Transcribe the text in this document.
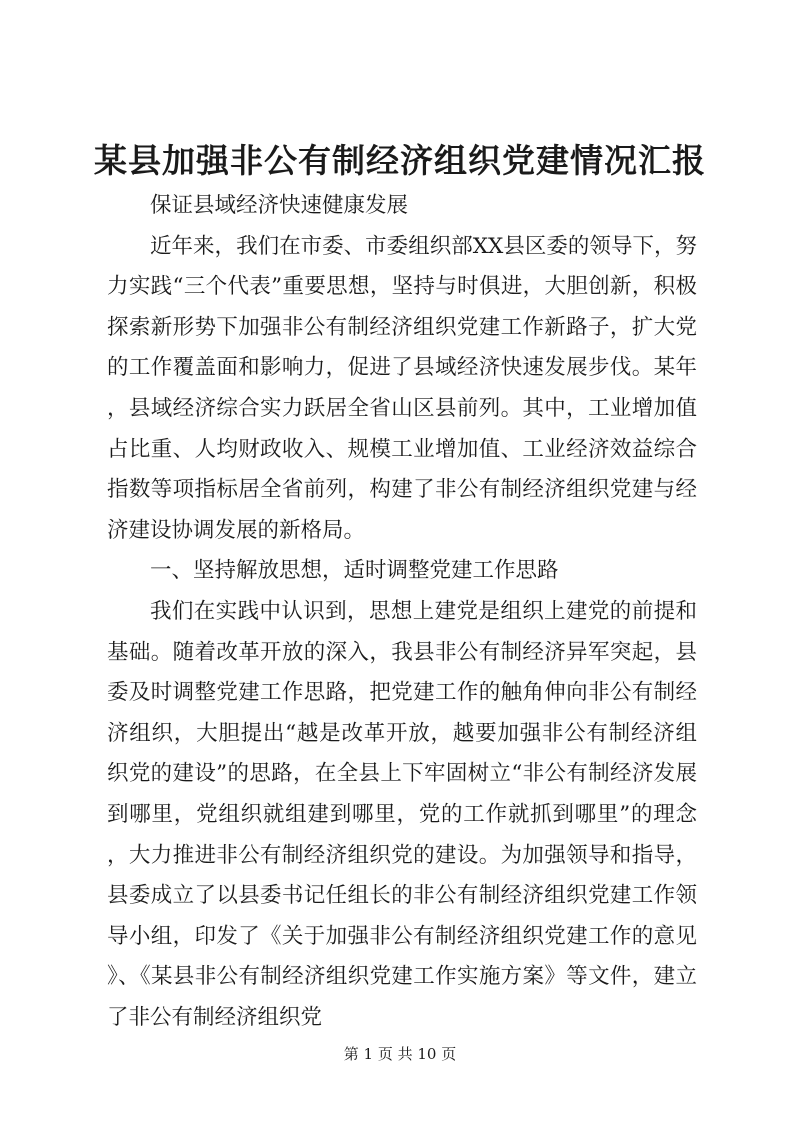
某县加强非公有制经济组织党建情况汇报

保证县域经济快速健康发展

近年来，我们在市委、市委组织部XX县区委的领导下，努力实践“三个代表”重要思想，坚持与时俱进，大胆创新，积极探索新形势下加强非公有制经济组织党建工作新路子，扩大党的工作覆盖面和影响力，促进了县域经济快速发展步伐。某年，县域经济综合实力跃居全省山区县前列。其中，工业增加值占比重、人均财政收入、规模工业增加值、工业经济效益综合指数等项指标居全省前列，构建了非公有制经济组织党建与经济建设协调发展的新格局。

一、坚持解放思想，适时调整党建工作思路

我们在实践中认识到，思想上建党是组织上建党的前提和基础。随着改革开放的深入，我县非公有制经济异军突起，县委及时调整党建工作思路，把党建工作的触角伸向非公有制经济组织，大胆提出“越是改革开放，越要加强非公有制经济组织党的建设”的思路，在全县上下牢固树立“非公有制经济发展到哪里，党组织就组建到哪里，党的工作就抓到哪里”的理念，大力推进非公有制经济组织党的建设。为加强领导和指导，县委成立了以县委书记任组长的非公有制经济组织党建工作领导小组，印发了《关于加强非公有制经济组织党建工作的意见》、《某县非公有制经济组织党建工作实施方案》等文件，建立了非公有制经济组织党

第 1 页 共 10 页
